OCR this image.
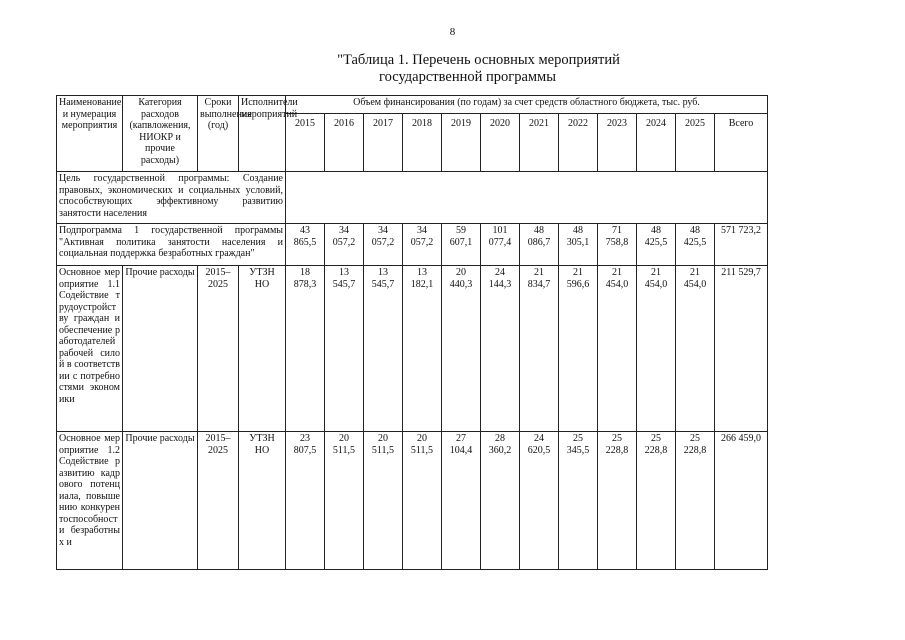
8
"Таблица 1. Перечень основных мероприятий
государственной программы
Наименование и нумерация мероприятия	Категория расходов (капвложения, НИОКР и прочие расходы)	Сроки выполнения (год)	Исполнители мероприятий	Объем финансирования (по годам) за счет средств областного бюджета, тыс. руб.											
				2015	2016	2017	2018	2019	2020	2021	2022	2023	2024	2025	Всего
Цель государственной программы: Создание правовых, экономических и социальных условий, способствующих эффективному развитию занятости населения															
Подпрограмма 1 государственной программы "Активная политика занятости населения и социальная поддержка безработных граждан"				43 865,5	34 057,2	34 057,2	34 057,2	59 607,1	101 077,4	48 086,7	48 305,1	71 758,8	48 425,5	48 425,5	571 723,2
Основное мероприятие 1.1 Содействие трудоустройству граждан и обеспечение работодателей рабочей силой в соответствии с потребностями экономики	Прочие расходы	2015–2025	УТЗН НО	18 878,3	13 545,7	13 545,7	13 182,1	20 440,3	24 144,3	21 834,7	21 596,6	21 454,0	21 454,0	21 454,0	211 529,7
Основное мероприятие 1.2 Содействие развитию кадрового потенциала, повышению конкурентоспособности безработных и	Прочие расходы	2015–2025	УТЗН НО	23 807,5	20 511,5	20 511,5	20 511,5	27 104,4	28 360,2	24 620,5	25 345,5	25 228,8	25 228,8	25 228,8	266 459,0
